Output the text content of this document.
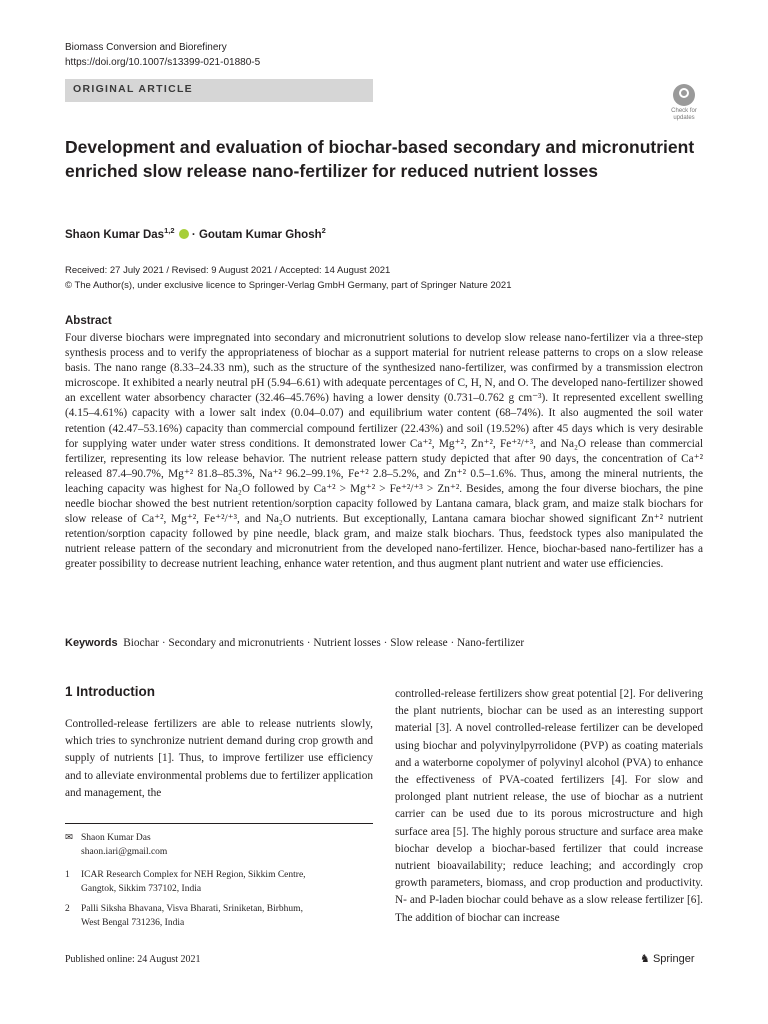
Biomass Conversion and Biorefinery
https://doi.org/10.1007/s13399-021-01880-5
ORIGINAL ARTICLE
Check for updates
Development and evaluation of biochar-based secondary and micronutrient enriched slow release nano-fertilizer for reduced nutrient losses
Shaon Kumar Das$^{1,2}$  · Goutam Kumar Ghosh$^2$
Received: 27 July 2021 / Revised: 9 August 2021 / Accepted: 14 August 2021
© The Author(s), under exclusive licence to Springer-Verlag GmbH Germany, part of Springer Nature 2021
Abstract
Four diverse biochars were impregnated into secondary and micronutrient solutions to develop slow release nano-fertilizer via a three-step synthesis process and to verify the appropriateness of biochar as a support material for nutrient release patterns to crops on a slow release basis. The nano range (8.33–24.33 nm), such as the structure of the synthesized nano-fertilizer, was confirmed by a transmission electron microscope. It exhibited a nearly neutral pH (5.94–6.61) with adequate percentages of C, H, N, and O. The developed nano-fertilizer showed an excellent water absorbency character (32.46–45.76%) having a lower density (0.731–0.762 g cm⁻³). It represented excellent swelling (4.15–4.61%) capacity with a lower salt index (0.04–0.07) and equilibrium water content (68–74%). It also augmented the soil water retention (42.47–53.16%) capacity than commercial compound fertilizer (22.43%) and soil (19.52%) after 45 days which is very desirable for supplying water under water stress conditions. It demonstrated lower Ca⁺², Mg⁺², Zn⁺², Fe⁺²/⁺³, and Na₂O release than commercial fertilizer, representing its low release behavior. The nutrient release pattern study depicted that after 90 days, the concentration of Ca⁺² released 87.4–90.7%, Mg⁺² 81.8–85.3%, Na⁺² 96.2–99.1%, Fe⁺² 2.8–5.2%, and Zn⁺² 0.5–1.6%. Thus, among the mineral nutrients, the leaching capacity was highest for Na₂O followed by Ca⁺² > Mg⁺² > Fe⁺²/⁺³ > Zn⁺². Besides, among the four diverse biochars, the pine needle biochar showed the best nutrient retention/sorption capacity followed by Lantana camara, black gram, and maize stalk biochars for slow release of Ca⁺², Mg⁺², Fe⁺²/⁺³, and Na₂O nutrients. But exceptionally, Lantana camara biochar showed significant Zn⁺² nutrient retention/sorption capacity followed by pine needle, black gram, and maize stalk biochars. Thus, feedstock types also manipulated the nutrient release pattern of the secondary and micronutrient from the developed nano-fertilizer. Hence, biochar-based nano-fertilizer has a greater possibility to decrease nutrient leaching, enhance water retention, and thus augment plant nutrient and water use efficiencies.
Keywords Biochar · Secondary and micronutrients · Nutrient losses · Slow release · Nano-fertilizer
1 Introduction
Controlled-release fertilizers are able to release nutrients slowly, which tries to synchronize nutrient demand during crop growth and supply of nutrients [1]. Thus, to improve fertilizer use efficiency and to alleviate environmental problems due to fertilizer application and management, the
controlled-release fertilizers show great potential [2]. For delivering the plant nutrients, biochar can be used as an interesting support material [3]. A novel controlled-release fertilizer can be developed using biochar and polyvinylpyrrolidone (PVP) as coating materials and a waterborne copolymer of polyvinyl alcohol (PVA) to enhance the effectiveness of PVA-coated fertilizers [4]. For slow and prolonged plant nutrient release, the use of biochar as a nutrient carrier can be used due to its porous microstructure and high surface area [5]. The highly porous structure and surface area make biochar develop a biochar-based fertilizer that could increase nutrient bioavailability; reduce leaching; and accordingly crop growth parameters, biomass, and crop production and productivity. N- and P-laden biochar could behave as a slow release fertilizer [6]. The addition of biochar can increase
✉ Shaon Kumar Das
shaon.iari@gmail.com
1 ICAR Research Complex for NEH Region, Sikkim Centre,
Gangtok, Sikkim 737102, India
2 Palli Siksha Bhavana, Visva Bharati, Sriniketan, Birbhum,
West Bengal 731236, India
Published online: 24 August 2021	♞ Springer
